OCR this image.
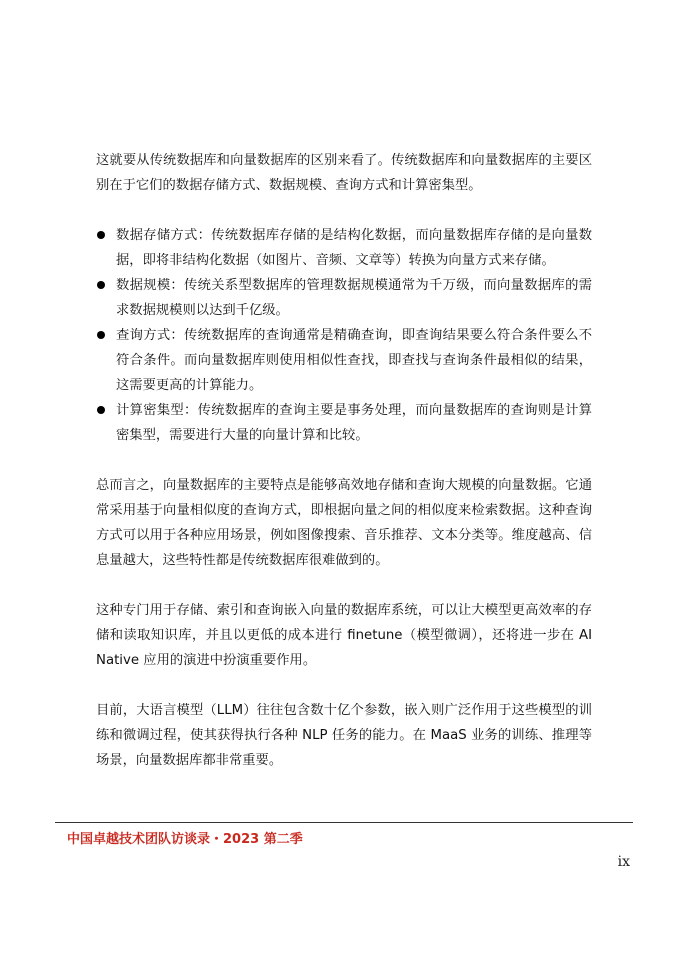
这就要从传统数据库和向量数据库的区别来看了。传统数据库和向量数据库的主要区别在于它们的数据存储方式、数据规模、查询方式和计算密集型。

数据存储方式：传统数据库存储的是结构化数据，而向量数据库存储的是向量数据，即将非结构化数据（如图片、音频、文章等）转换为向量方式来存储。
数据规模：传统关系型数据库的管理数据规模通常为千万级，而向量数据库的需求数据规模则以达到千亿级。
查询方式：传统数据库的查询通常是精确查询，即查询结果要么符合条件要么不符合条件。而向量数据库则使用相似性查找，即查找与查询条件最相似的结果，这需要更高的计算能力。
计算密集型：传统数据库的查询主要是事务处理，而向量数据库的查询则是计算密集型，需要进行大量的向量计算和比较。

总而言之，向量数据库的主要特点是能够高效地存储和查询大规模的向量数据。它通常采用基于向量相似度的查询方式，即根据向量之间的相似度来检索数据。这种查询方式可以用于各种应用场景，例如图像搜索、音乐推荐、文本分类等。维度越高、信息量越大，这些特性都是传统数据库很难做到的。

这种专门用于存储、索引和查询嵌入向量的数据库系统，可以让大模型更高效率的存储和读取知识库，并且以更低的成本进行 finetune（模型微调），还将进一步在 AI Native 应用的演进中扮演重要作用。

目前，大语言模型（LLM）往往包含数十亿个参数，嵌入则广泛作用于这些模型的训练和微调过程，使其获得执行各种 NLP 任务的能力。在 MaaS 业务的训练、推理等场景，向量数据库都非常重要。

中国卓越技术团队访谈录・2023 第二季
ix
